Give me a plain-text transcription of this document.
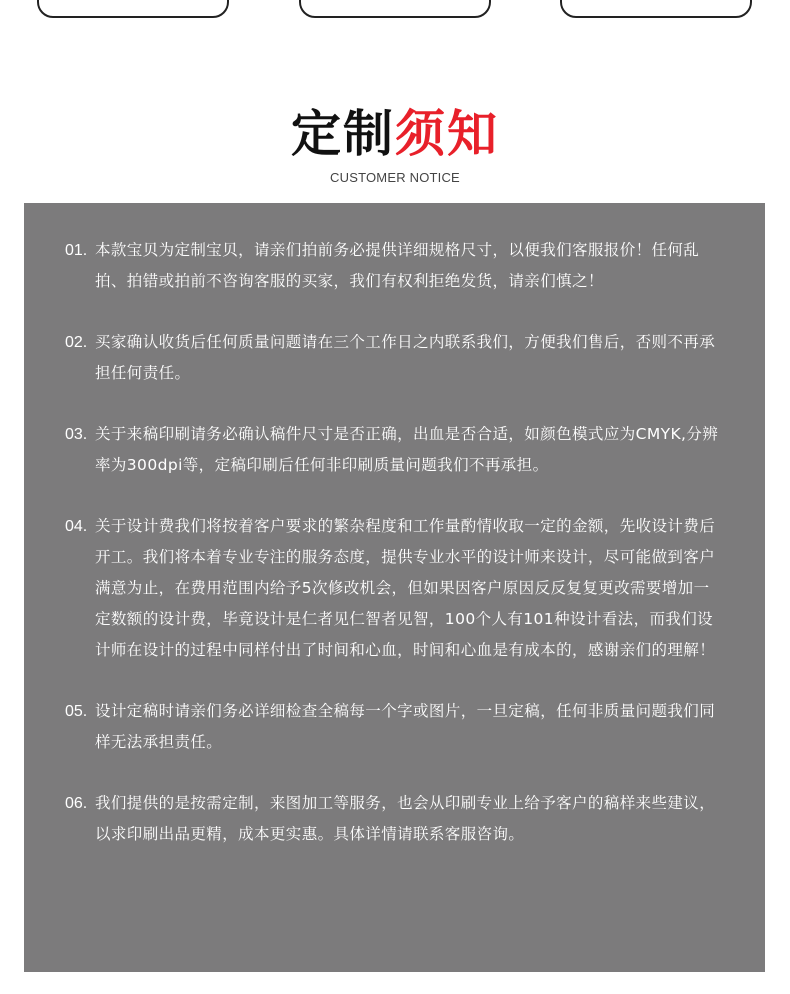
定制须知
CUSTOMER NOTICE
01. 本款宝贝为定制宝贝，请亲们拍前务必提供详细规格尺寸，以便我们客服报价！任何乱拍、拍错或拍前不咨询客服的买家，我们有权利拒绝发货，请亲们慎之！
02. 买家确认收货后任何质量问题请在三个工作日之内联系我们，方便我们售后，否则不再承担任何责任。
03. 关于来稿印刷请务必确认稿件尺寸是否正确，出血是否合适，如颜色模式应为CMYK,分辨率为300dpi等，定稿印刷后任何非印刷质量问题我们不再承担。
04. 关于设计费我们将按着客户要求的繁杂程度和工作量酌情收取一定的金额，先收设计费后开工。我们将本着专业专注的服务态度，提供专业水平的设计师来设计，尽可能做到客户满意为止，在费用范围内给予5次修改机会，但如果因客户原因反反复复更改需要增加一定数额的设计费，毕竟设计是仁者见仁智者见智，100个人有101种设计看法，而我们设计师在设计的过程中同样付出了时间和心血，时间和心血是有成本的，感谢亲们的理解！
05. 设计定稿时请亲们务必详细检查全稿每一个字或图片，一旦定稿，任何非质量问题我们同样无法承担责任。
06. 我们提供的是按需定制，来图加工等服务，也会从印刷专业上给予客户的稿样来些建议，以求印刷出品更精，成本更实惠。具体详情请联系客服咨询。
